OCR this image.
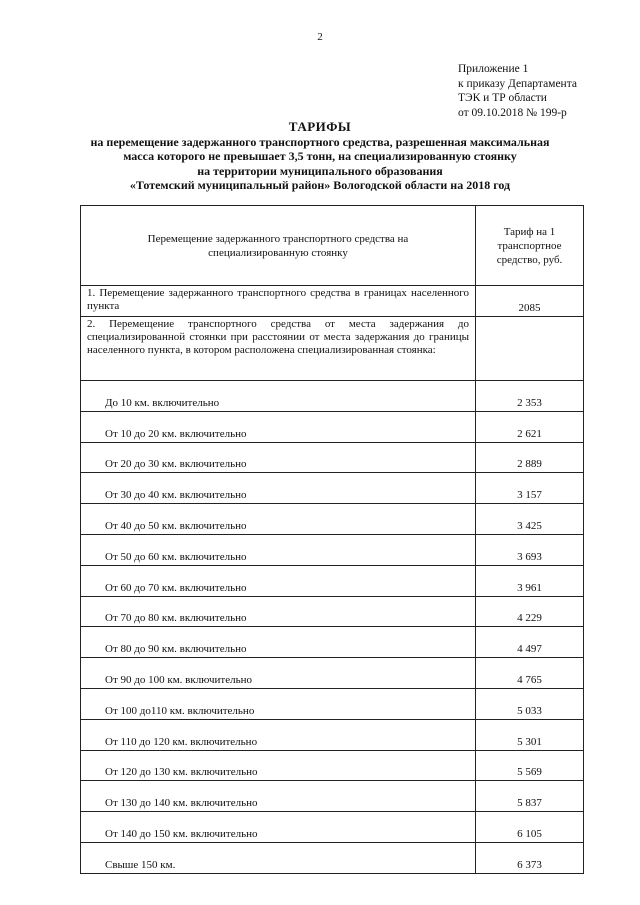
2
Приложение 1
к приказу Департамента
ТЭК и ТР области
от 09.10.2018 № 199-р
ТАРИФЫ
на перемещение задержанного транспортного средства, разрешенная максимальная
масса которого не превышает 3,5 тонн, на специализированную стоянку
на территории муниципального образования
«Тотемский муниципальный район» Вологодской области на 2018 год
Перемещение задержанного транспортного средства на специализированную стоянку	Тариф на 1 транспортное средство, руб.
1. Перемещение задержанного транспортного средства в границах населенного пункта	2085
2. Перемещение транспортного средства от места задержания до специализированной стоянки при расстоянии от места задержания до границы населенного пункта, в котором расположена специализированная стоянка:	
До 10 км. включительно	2 353
От 10 до 20 км. включительно	2 621
От 20 до 30 км. включительно	2 889
От 30 до 40 км. включительно	3 157
От 40 до 50 км. включительно	3 425
От 50 до 60 км. включительно	3 693
От 60 до 70 км. включительно	3 961
От 70 до 80 км. включительно	4 229
От 80 до 90 км. включительно	4 497
От 90 до 100 км. включительно	4 765
От 100 до110 км. включительно	5 033
От 110 до 120 км. включительно	5 301
От 120 до 130 км. включительно	5 569
От 130 до 140 км. включительно	5 837
От 140 до 150 км. включительно	6 105
Свыше 150 км.	6 373
